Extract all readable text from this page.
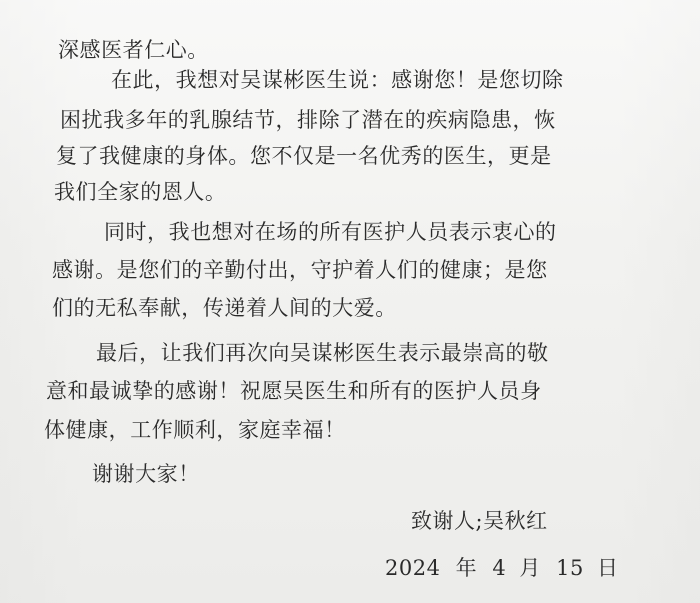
深感医者仁心。
在此，我想对吴谋彬医生说：感谢您！是您切除
困扰我多年的乳腺结节，排除了潜在的疾病隐患，恢
复了我健康的身体。您不仅是一名优秀的医生，更是
我们全家的恩人。
同时，我也想对在场的所有医护人员表示衷心的
感谢。是您们的辛勤付出，守护着人们的健康；是您
们的无私奉献，传递着人间的大爱。
最后，让我们再次向吴谋彬医生表示最崇高的敬
意和最诚挚的感谢！祝愿吴医生和所有的医护人员身
体健康，工作顺利，家庭幸福！
谢谢大家！
致谢人;吴秋红
2024 年 4 月 15 日
